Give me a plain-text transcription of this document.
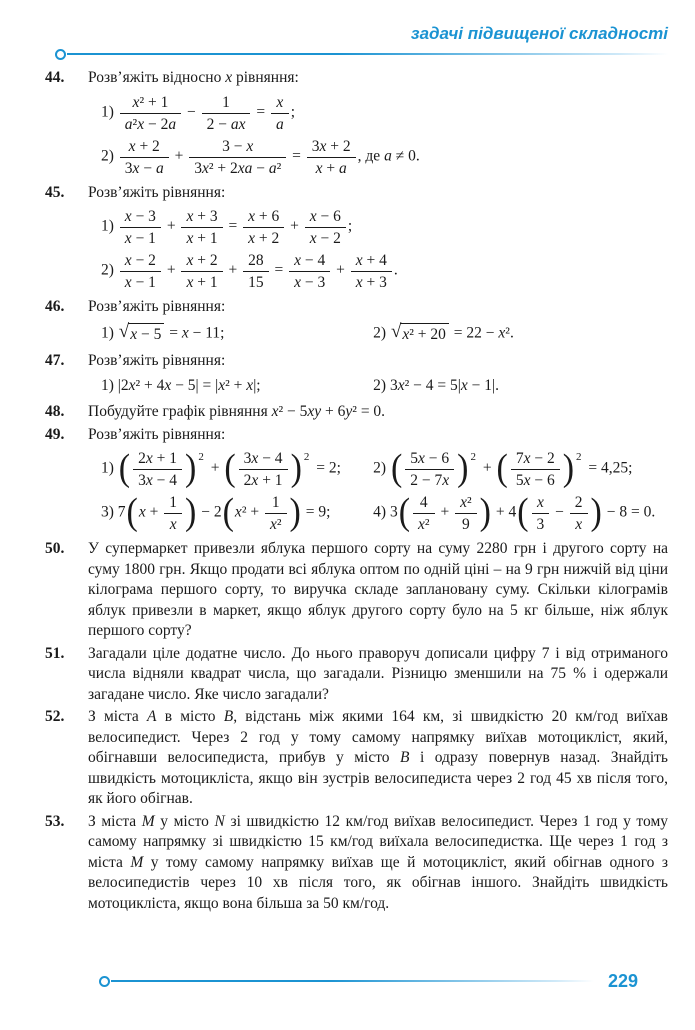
задачі підвищеної складності
44.	Розв’яжіть відносно x рівняння:
$1) \frac{\text{x² + 1}}{\text{a²x − 2a}} - \frac{1}{2 - ax} = \frac{x}{a}$ ;
$2) \frac{x + 2}{3x - a} + \frac{3 - x}{\text{3x² + 2xa − a²}} = \frac{3x + 2}{x + a}$ , де a ≠ 0.
45.	Розв’яжіть рівняння:
$1) \frac{x - 3}{x - 1} + \frac{x + 3}{x + 1} = \frac{x + 6}{x + 2} + \frac{x - 6}{x - 2}$ ;
$2) \frac{x - 2}{x - 1} + \frac{x + 2}{x + 1} + \frac{28}{15} = \frac{x - 4}{x - 3} + \frac{x + 4}{x + 3}$ .
46.	Розв’яжіть рівняння:
1) √ x − 5 = x − 11;	2) √ x² + 20 = 22 − x².
47.	Розв’яжіть рівняння:
1) |2x² + 4x − 5| = |x² + x|;	2) 3x² − 4 = 5|x − 1|.
48.	Побудуйте графік рівняння x² − 5xy + 6y² = 0.
49.	Розв’яжіть рівняння:
1) ( $\frac{2x + 1}{3x - 4}$ ) 2 + ( $\frac{3x - 4}{2x + 1}$ ) 2 = 2;	2) ( $\frac{5x - 6}{2 - 7x}$ ) 2 + ( $\frac{7x - 2}{5x - 6}$ ) 2 = 4,25;
3) $7(x + \frac{1}{x}$ ) − $2(x^2 + \frac{1}{\text{x²}}$ ) = 9;	4) $3( \frac{4}{\text{x²}} + \frac{\text{x²}}{9}$ ) + $4( \frac{x}{3} - \frac{2}{x}$ ) − 8 = 0.
50.	У супермаркет привезли яблука першого сорту на суму 2280 грн і другого сорту на суму 1800 грн. Якщо продати всі яблука оптом по одній ціні – на 9 грн нижчій від ціни кілограма першого сорту, то виручка складе заплановану суму. Скільки кілограмів яблук привезли в маркет, якщо яблук другого сорту було на 5 кг більше, ніж яблук першого сорту?
51.	Загадали ціле додатне число. До нього праворуч дописали цифру 7 і від отриманого числа відняли квадрат числа, що загадали. Різницю зменшили на 75 % і одержали загадане число. Яке число загадали?
52.	З міста A в місто B, відстань між якими 164 км, зі швидкістю 20 км/год виїхав велосипедист. Через 2 год у тому самому напрямку виїхав мотоцикліст, який, обігнавши велосипедиста, прибув у місто B і одразу повернув назад. Знайдіть швидкість мотоцикліста, якщо він зустрів велосипедиста через 2 год 45 хв після того, як його обігнав.
53.	З міста M у місто N зі швидкістю 12 км/год виїхав велосипедист. Через 1 год у тому самому напрямку зі швидкістю 15 км/год виїхала велосипедистка. Ще через 1 год з міста M у тому самому напрямку виїхав ще й мотоцикліст, який обігнав одного з велосипедистів через 10 хв після того, як обігнав іншого. Знайдіть швидкість мотоцикліста, якщо вона більша за 50 км/год.
229
